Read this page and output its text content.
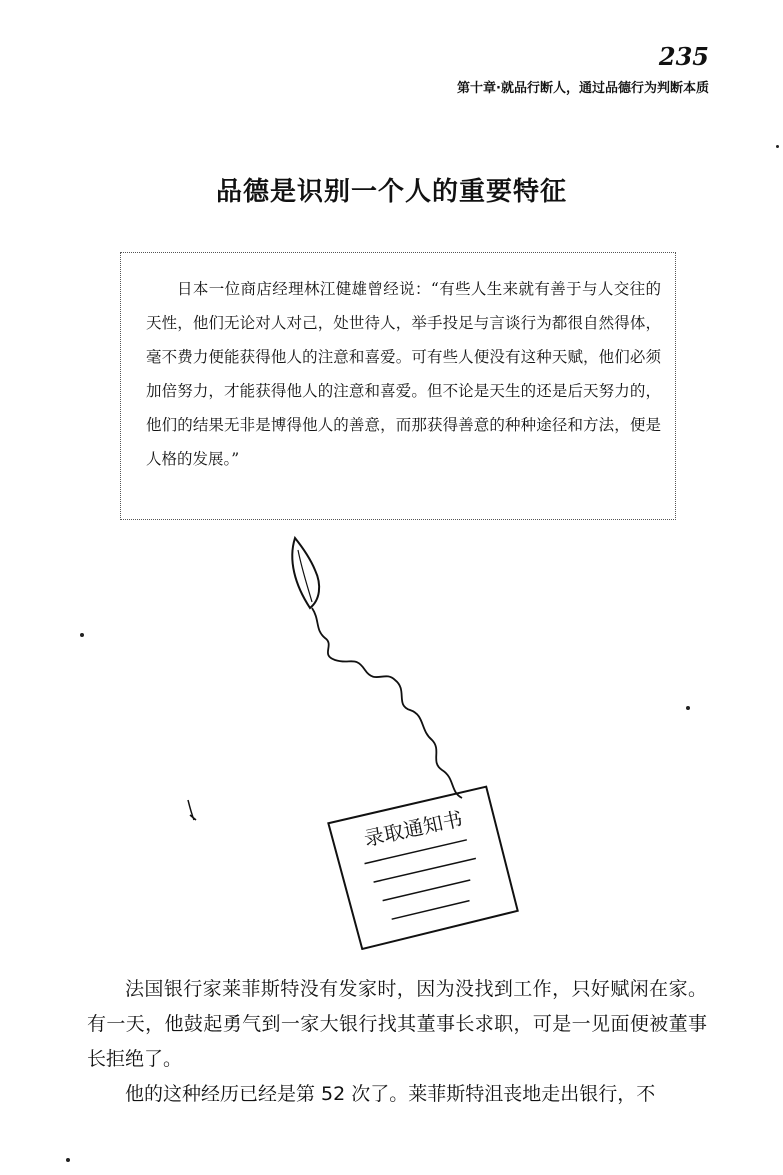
235
第十章·就品行断人，通过品德行为判断本质
品德是识别一个人的重要特征
日本一位商店经理林江健雄曾经说：“有些人生来就有善于与人交往的天性，他们无论对人对己，处世待人，举手投足与言谈行为都很自然得体，毫不费力便能获得他人的注意和喜爱。可有些人便没有这种天赋，他们必须加倍努力，才能获得他人的注意和喜爱。但不论是天生的还是后天努力的，他们的结果无非是博得他人的善意，而那获得善意的种种途径和方法，便是人格的发展。”
录取通知书

法国银行家莱菲斯特没有发家时，因为没找到工作，只好赋闲在家。有一天，他鼓起勇气到一家大银行找其董事长求职，可是一见面便被董事长拒绝了。

他的这种经历已经是第 52 次了。莱菲斯特沮丧地走出银行，不
